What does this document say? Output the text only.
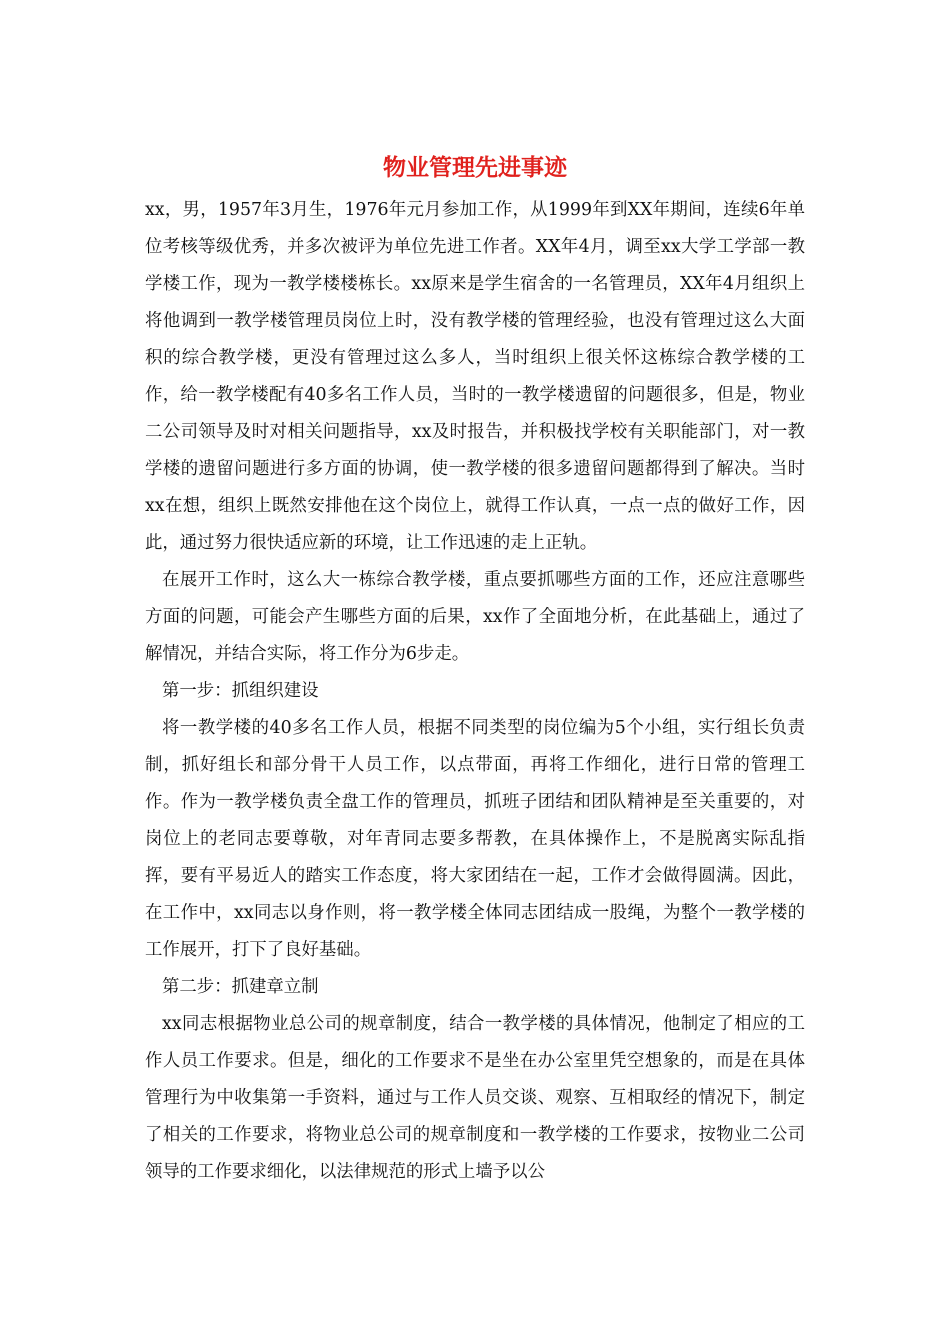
物业管理先进事迹

xx，男，1957年3月生，1976年元月参加工作，从1999年到XX年期间，连续6年单位考核等级优秀，并多次被评为单位先进工作者。XX年4月，调至xx大学工学部一教学楼工作，现为一教学楼楼栋长。xx原来是学生宿舍的一名管理员，XX年4月组织上将他调到一教学楼管理员岗位上时，没有教学楼的管理经验，也没有管理过这么大面积的综合教学楼，更没有管理过这么多人，当时组织上很关怀这栋综合教学楼的工作，给一教学楼配有40多名工作人员，当时的一教学楼遗留的问题很多，但是，物业二公司领导及时对相关问题指导，xx及时报告，并积极找学校有关职能部门，对一教学楼的遗留问题进行多方面的协调，使一教学楼的很多遗留问题都得到了解决。当时xx在想，组织上既然安排他在这个岗位上，就得工作认真，一点一点的做好工作，因此，通过努力很快适应新的环境，让工作迅速的走上正轨。

在展开工作时，这么大一栋综合教学楼，重点要抓哪些方面的工作，还应注意哪些方面的问题，可能会产生哪些方面的后果，xx作了全面地分析，在此基础上，通过了解情况，并结合实际，将工作分为6步走。

第一步：抓组织建设

将一教学楼的40多名工作人员，根据不同类型的岗位编为5个小组，实行组长负责制，抓好组长和部分骨干人员工作，以点带面，再将工作细化，进行日常的管理工作。作为一教学楼负责全盘工作的管理员，抓班子团结和团队精神是至关重要的，对岗位上的老同志要尊敬，对年青同志要多帮教，在具体操作上，不是脱离实际乱指挥，要有平易近人的踏实工作态度，将大家团结在一起，工作才会做得圆满。因此，在工作中，xx同志以身作则，将一教学楼全体同志团结成一股绳，为整个一教学楼的工作展开，打下了良好基础。

第二步：抓建章立制

xx同志根据物业总公司的规章制度，结合一教学楼的具体情况，他制定了相应的工作人员工作要求。但是，细化的工作要求不是坐在办公室里凭空想象的，而是在具体管理行为中收集第一手资料，通过与工作人员交谈、观察、互相取经的情况下，制定了相关的工作要求，将物业总公司的规章制度和一教学楼的工作要求，按物业二公司领导的工作要求细化，以法律规范的形式上墙予以公
